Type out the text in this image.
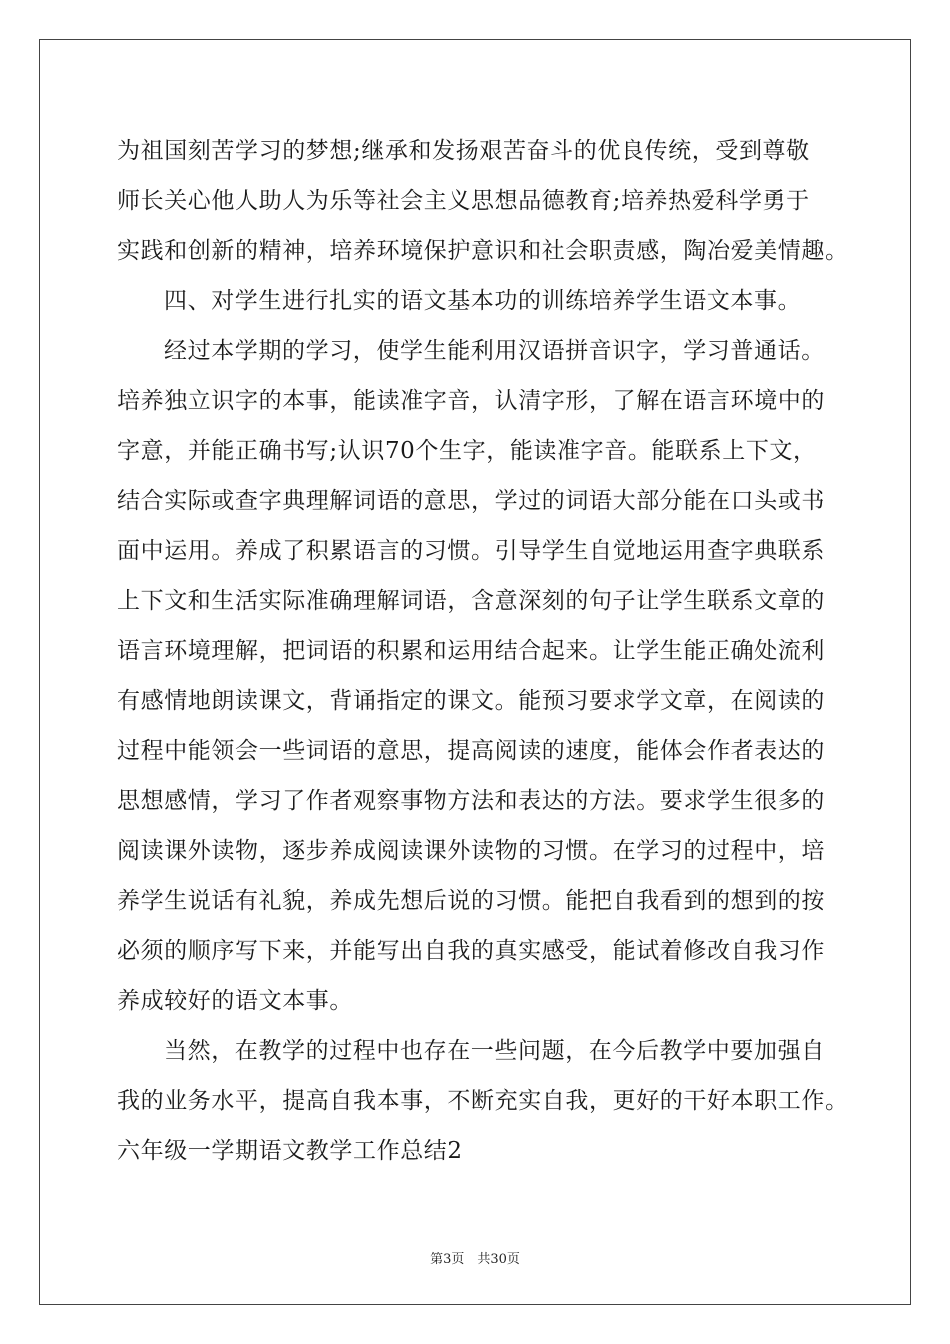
为祖国刻苦学习的梦想;继承和发扬艰苦奋斗的优良传统，受到尊敬
师长关心他人助人为乐等社会主义思想品德教育;培养热爱科学勇于
实践和创新的精神，培养环境保护意识和社会职责感，陶冶爱美情趣。
四、对学生进行扎实的语文基本功的训练培养学生语文本事。
经过本学期的学习，使学生能利用汉语拼音识字，学习普通话。
培养独立识字的本事，能读准字音，认清字形，了解在语言环境中的
字意，并能正确书写;认识70个生字，能读准字音。能联系上下文，
结合实际或查字典理解词语的意思，学过的词语大部分能在口头或书
面中运用。养成了积累语言的习惯。引导学生自觉地运用查字典联系
上下文和生活实际准确理解词语，含意深刻的句子让学生联系文章的
语言环境理解，把词语的积累和运用结合起来。让学生能正确处流利
有感情地朗读课文，背诵指定的课文。能预习要求学文章，在阅读的
过程中能领会一些词语的意思，提高阅读的速度，能体会作者表达的
思想感情，学习了作者观察事物方法和表达的方法。要求学生很多的
阅读课外读物，逐步养成阅读课外读物的习惯。在学习的过程中，培
养学生说话有礼貌，养成先想后说的习惯。能把自我看到的想到的按
必须的顺序写下来，并能写出自我的真实感受，能试着修改自我习作
养成较好的语文本事。
当然，在教学的过程中也存在一些问题，在今后教学中要加强自
我的业务水平，提高自我本事，不断充实自我，更好的干好本职工作。
六年级一学期语文教学工作总结2
第3页　共30页
